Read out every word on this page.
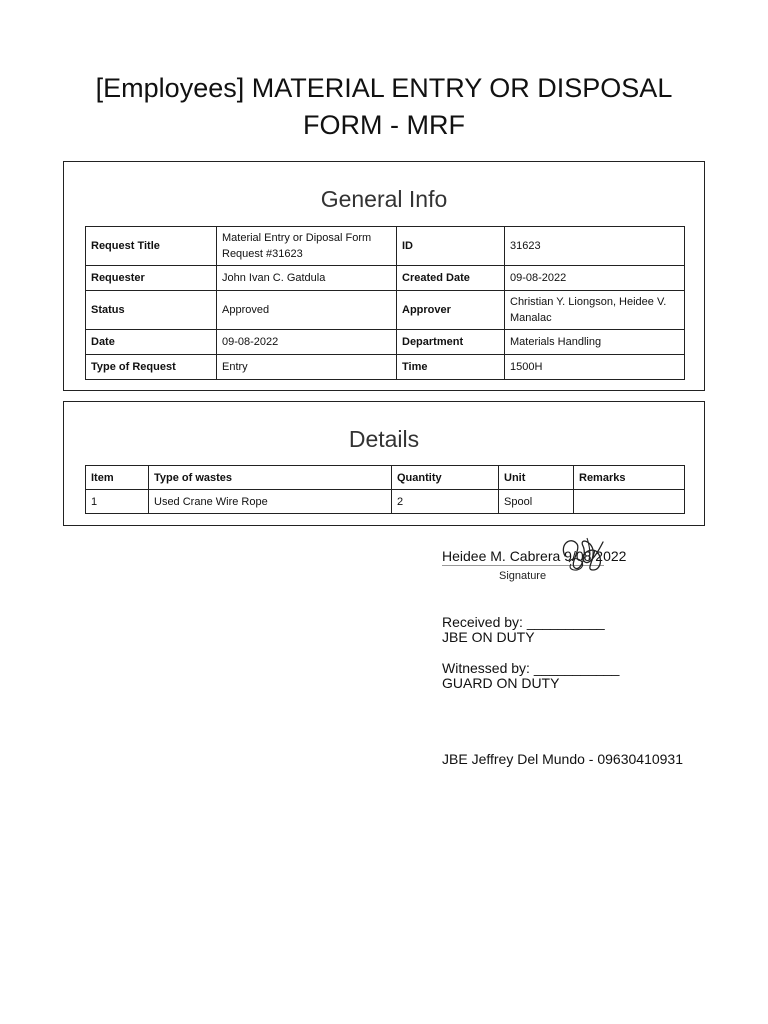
[Employees] MATERIAL ENTRY OR DISPOSAL
FORM - MRF
General Info
Request Title	Material Entry or Diposal Form Request #31623	ID	31623
Requester	John Ivan C. Gatdula	Created Date	09-08-2022
Status	Approved	Approver	Christian Y. Liongson, Heidee V. Manalac
Date	09-08-2022	Department	Materials Handling
Type of Request	Entry	Time	1500H
Details
Item	Type of wastes	Quantity	Unit	Remarks
1	Used Crane Wire Rope	2	Spool	
Heidee M. Cabrera 9/08/2022
Signature
Received by: __________
JBE ON DUTY
Witnessed by: ___________
GUARD ON DUTY
JBE Jeffrey Del Mundo - 09630410931
